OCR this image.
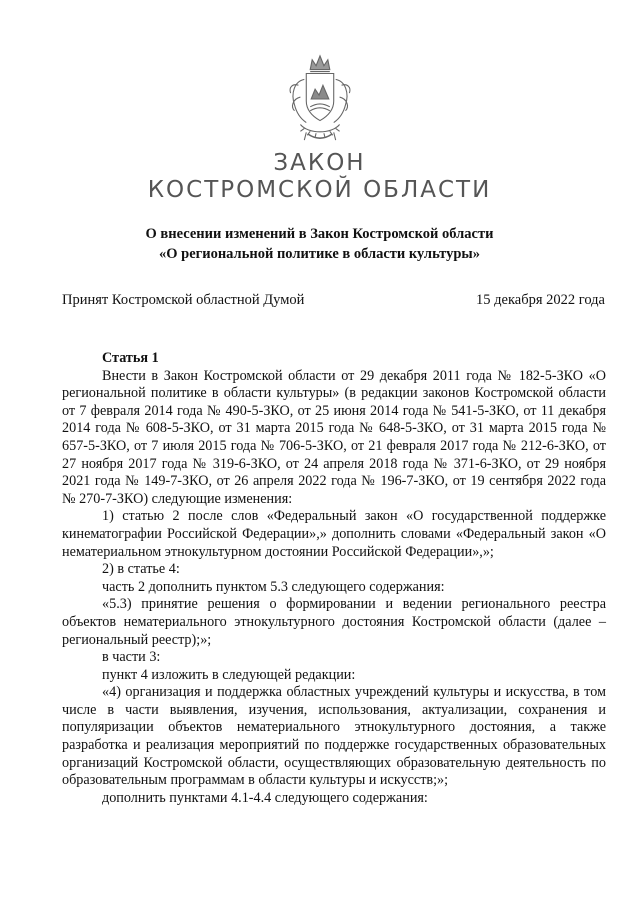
ЗАКОН
КОСТРОМСКОЙ ОБЛАСТИ
О внесении изменений в Закон Костромской области
«О региональной политике в области культуры»
Принят Костромской областной Думой	15 декабря 2022 года

Статья 1

Внести в Закон Костромской области от 29 декабря 2011 года № 182-5-ЗКО «О региональной политике в области культуры» (в редакции законов Костромской области от 7 февраля 2014 года № 490-5-ЗКО, от 25 июня 2014 года № 541-5-ЗКО, от 11 декабря 2014 года № 608-5-ЗКО, от 31 марта 2015 года № 648-5-ЗКО, от 31 марта 2015 года № 657-5-ЗКО, от 7 июля 2015 года № 706-5-ЗКО, от 21 февраля 2017 года № 212-6-ЗКО, от 27 ноября 2017 года № 319-6-ЗКО, от 24 апреля 2018 года № 371-6-ЗКО, от 29 ноября 2021 года № 149-7-ЗКО, от 26 апреля 2022 года № 196-7-ЗКО, от 19 сентября 2022 года № 270-7-ЗКО) следующие изменения:

1) статью 2 после слов «Федеральный закон «О государственной поддержке кинематографии Российской Федерации»,» дополнить словами «Федеральный закон «О нематериальном этнокультурном достоянии Российской Федерации»,»;

2) в статье 4:

часть 2 дополнить пунктом 5.3 следующего содержания:

«5.3) принятие решения о формировании и ведении регионального реестра объектов нематериального этнокультурного достояния Костромской области (далее – региональный реестр);»;

в части 3:

пункт 4 изложить в следующей редакции:

«4) организация и поддержка областных учреждений культуры и искусства, в том числе в части выявления, изучения, использования, актуализации, сохранения и популяризации объектов нематериального этнокультурного достояния, а также разработка и реализация мероприятий по поддержке государственных образовательных организаций Костромской области, осуществляющих образовательную деятельность по образовательным программам в области культуры и искусств;»;

дополнить пунктами 4.1-4.4 следующего содержания:
